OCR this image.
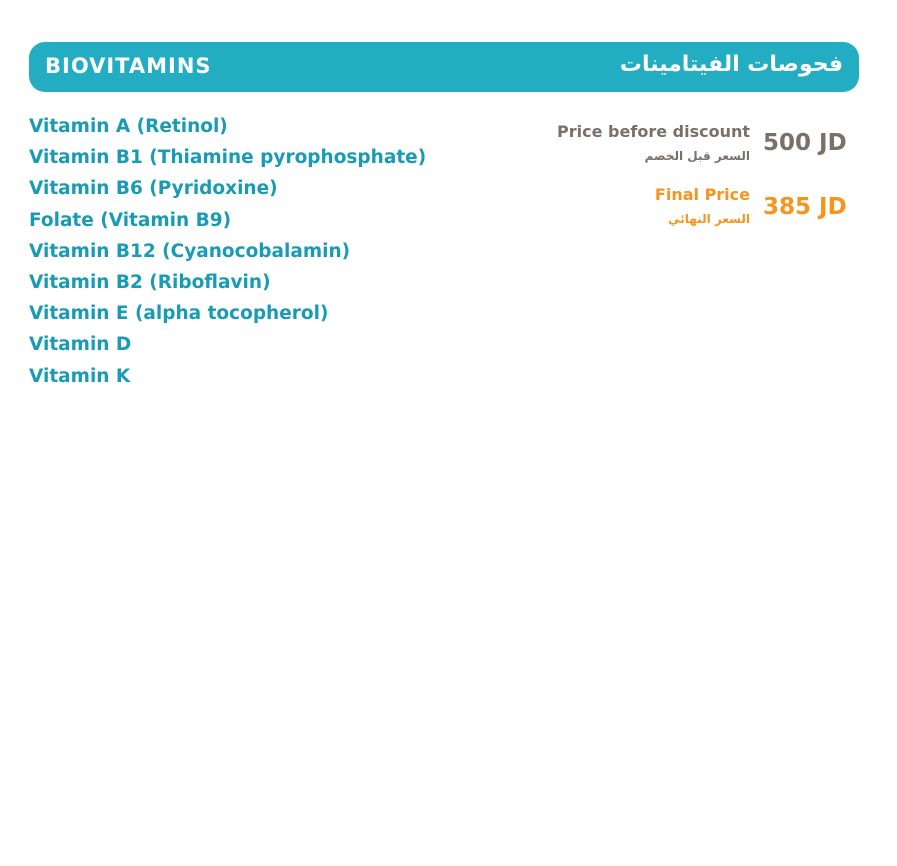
BIOVITAMINS	فحوصات الفيتامينات
Vitamin A (Retinol)
Vitamin B1 (Thiamine pyrophosphate)
Vitamin B6 (Pyridoxine)
Folate (Vitamin B9)
Vitamin B12 (Cyanocobalamin)
Vitamin B2 (Riboflavin)
Vitamin E (alpha tocopherol)
Vitamin D
Vitamin K
Price before discount
السعر قبل الخصم 500 JD
Final Price
السعر النهائي 385 JD
